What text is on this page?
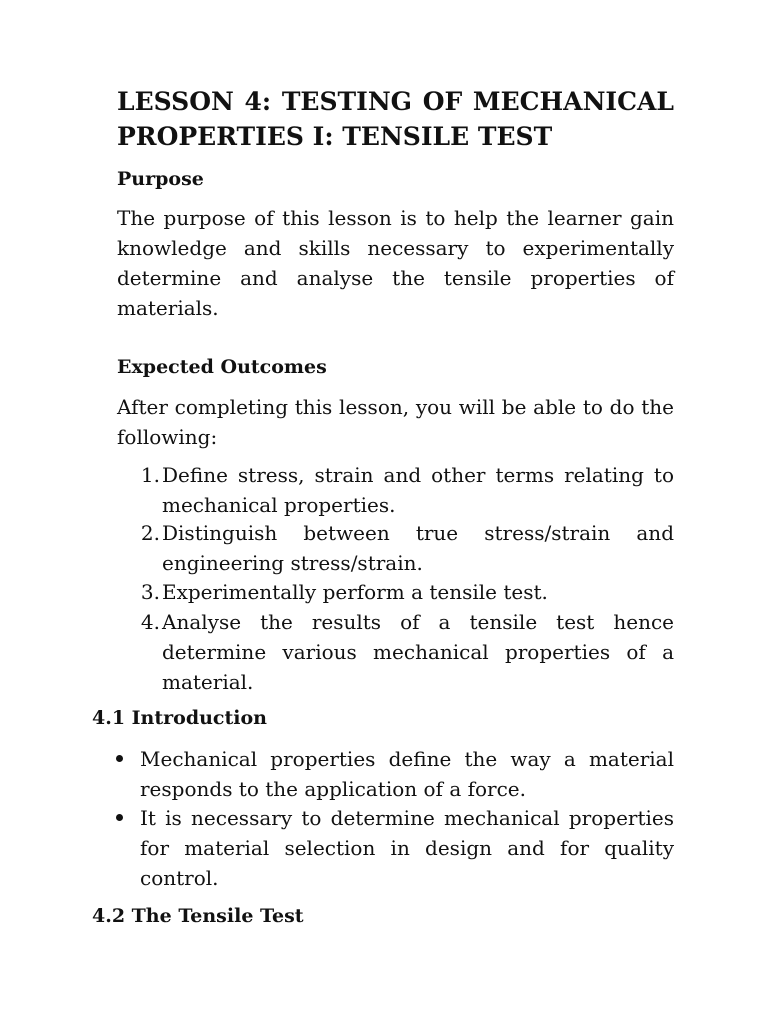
LESSON 4: TESTING OF MECHANICAL
PROPERTIES I: TENSILE TEST
Purpose
The purpose of this lesson is to help the learner gain
knowledge and skills necessary to experimentally
determine and analyse the tensile properties of
materials.
Expected Outcomes
After completing this lesson, you will be able to do the
following:
1. Define stress, strain and other terms relating to
mechanical properties.
2. Distinguish between true stress/strain and
engineering stress/strain.
3. Experimentally perform a tensile test.
4. Analyse the results of a tensile test hence
determine various mechanical properties of a
material.
4.1 Introduction
Mechanical properties define the way a material
responds to the application of a force.
It is necessary to determine mechanical properties
for material selection in design and for quality
control.
4.2 The Tensile Test
